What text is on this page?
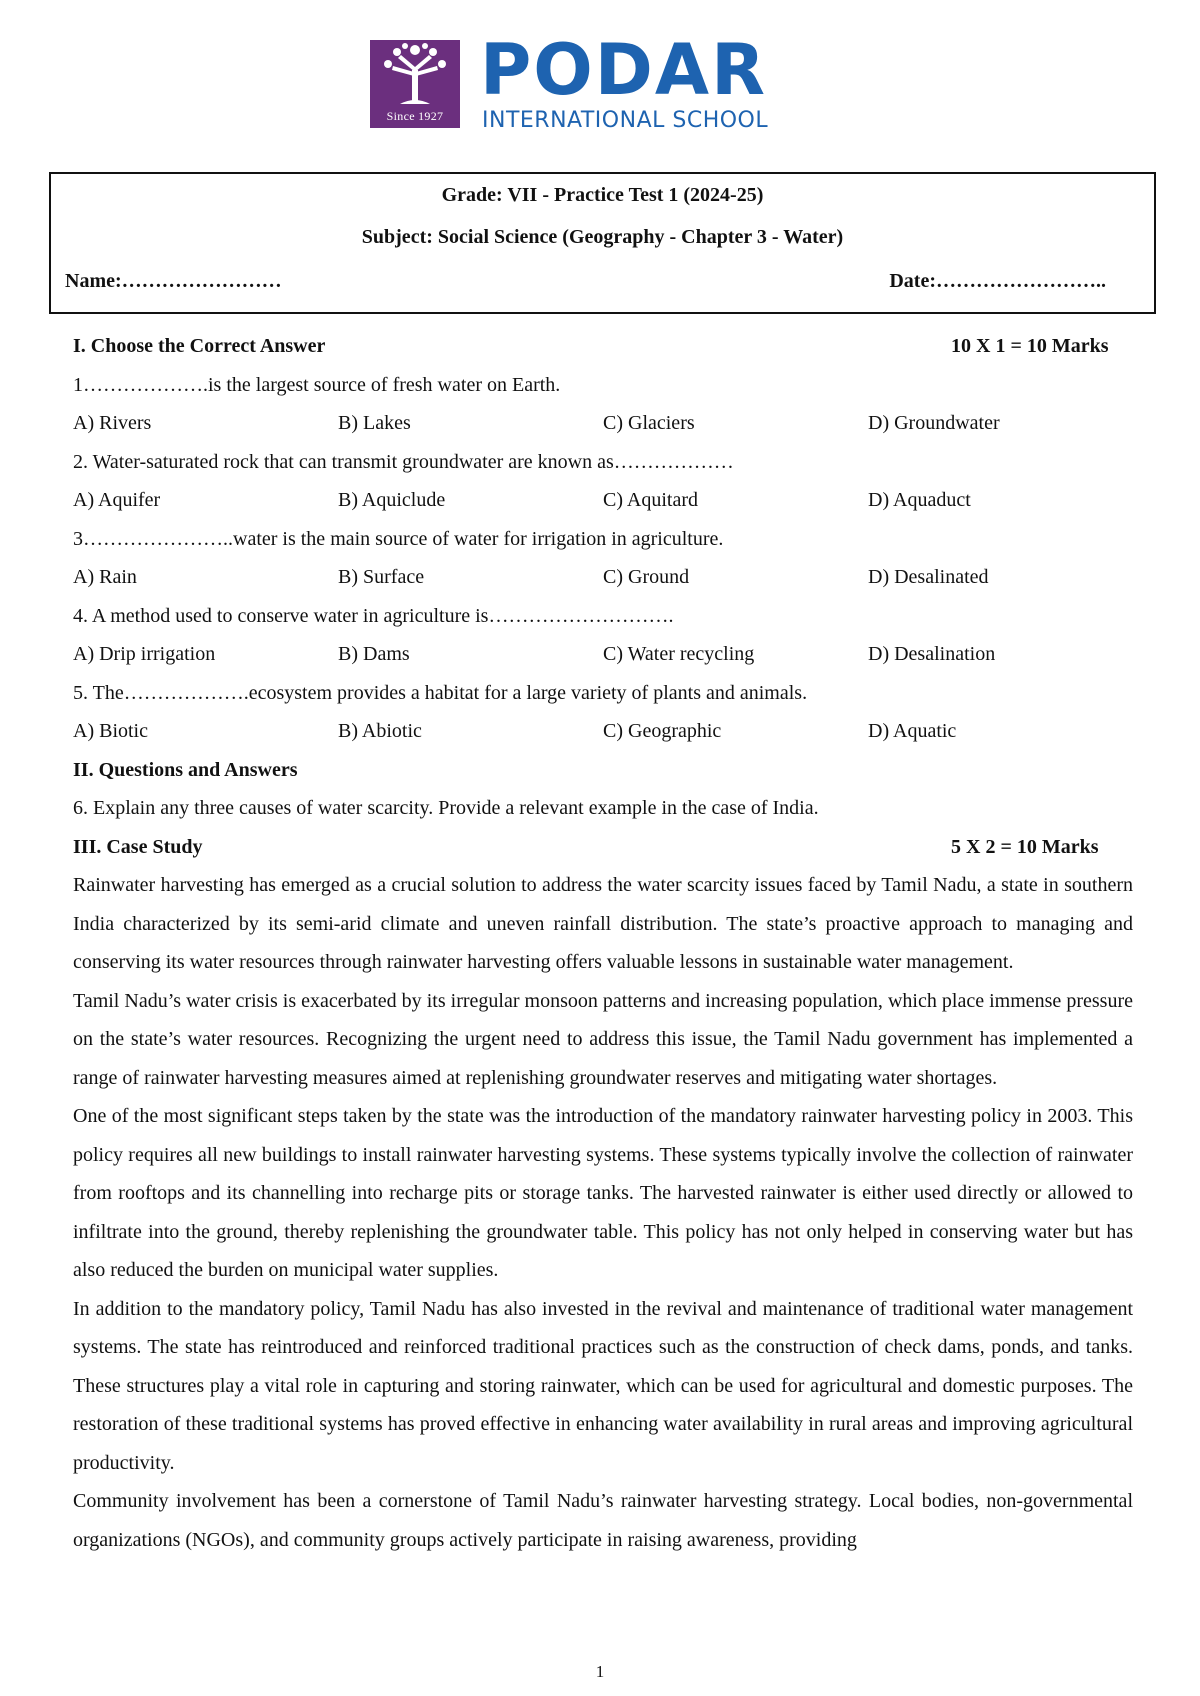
Since 1927
PODAR
INTERNATIONAL SCHOOL
Grade: VII - Practice Test 1 (2024-25)
Subject: Social Science (Geography - Chapter 3 - Water)
Name:……………………	Date:……………………..
I. Choose the Correct Answer	10 X 1 = 10 Marks
1……………….is the largest source of fresh water on Earth.
A) Rivers	B) Lakes	C) Glaciers	D) Groundwater
2. Water-saturated rock that can transmit groundwater are known as………………
A) Aquifer	B) Aquiclude	C) Aquitard	D) Aquaduct
3…………………..water is the main source of water for irrigation in agriculture.
A) Rain	B) Surface	C) Ground	D) Desalinated
4. A method used to conserve water in agriculture is……………………….
A) Drip irrigation	B) Dams	C) Water recycling	D) Desalination
5. The……………….ecosystem provides a habitat for a large variety of plants and animals.
A) Biotic	B) Abiotic	C) Geographic	D) Aquatic
II. Questions and Answers
6. Explain any three causes of water scarcity. Provide a relevant example in the case of India.
III. Case Study	5 X 2 = 10 Marks

Rainwater harvesting has emerged as a crucial solution to address the water scarcity issues faced by Tamil Nadu, a state in southern India characterized by its semi-arid climate and uneven rainfall distribution. The state’s proactive approach to managing and conserving its water resources through rainwater harvesting offers valuable lessons in sustainable water management.

Tamil Nadu’s water crisis is exacerbated by its irregular monsoon patterns and increasing population, which place immense pressure on the state’s water resources. Recognizing the urgent need to address this issue, the Tamil Nadu government has implemented a range of rainwater harvesting measures aimed at replenishing groundwater reserves and mitigating water shortages.

One of the most significant steps taken by the state was the introduction of the mandatory rainwater harvesting policy in 2003. This policy requires all new buildings to install rainwater harvesting systems. These systems typically involve the collection of rainwater from rooftops and its channelling into recharge pits or storage tanks. The harvested rainwater is either used directly or allowed to infiltrate into the ground, thereby replenishing the groundwater table. This policy has not only helped in conserving water but has also reduced the burden on municipal water supplies.

In addition to the mandatory policy, Tamil Nadu has also invested in the revival and maintenance of traditional water management systems. The state has reintroduced and reinforced traditional practices such as the construction of check dams, ponds, and tanks. These structures play a vital role in capturing and storing rainwater, which can be used for agricultural and domestic purposes. The restoration of these traditional systems has proved effective in enhancing water availability in rural areas and improving agricultural productivity.

Community involvement has been a cornerstone of Tamil Nadu’s rainwater harvesting strategy. Local bodies, non-governmental organizations (NGOs), and community groups actively participate in raising awareness, providing

1
